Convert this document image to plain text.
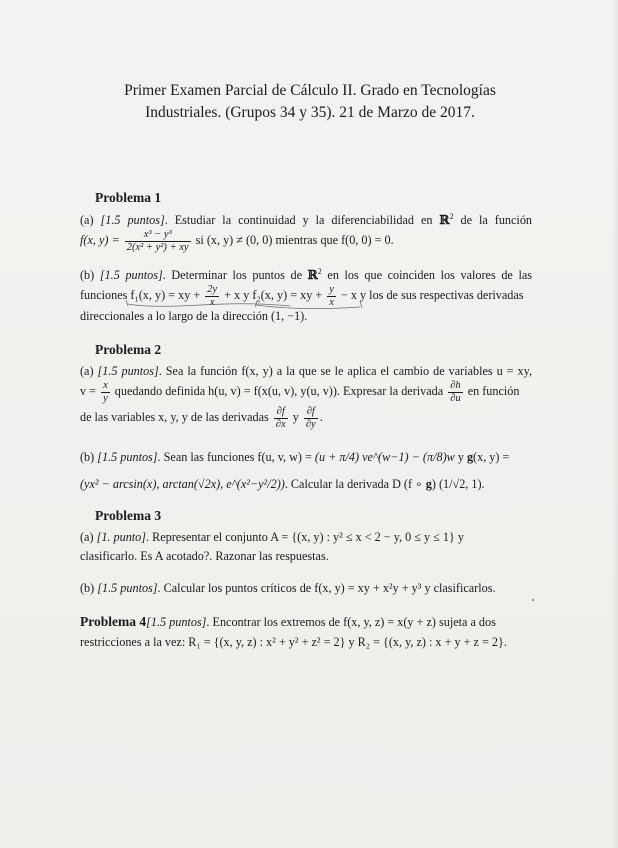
Primer Examen Parcial de Cálculo II. Grado en Tecnologías
Industriales. (Grupos 34 y 35). 21 de Marzo de 2017.
Problema 1
(a) [1.5 puntos]. Estudiar la continuidad y la diferenciabilidad en ℝ$^2$ de la función
f(x, $y) = \frac{\text{x³ − y³}}{\text{2(x² + y²) + xy}}$ si (x, y) ≠ (0, 0) mientras que f(0, 0) = 0.
(b) [1.5 puntos]. Determinar los puntos de ℝ$^2$ en los que coinciden los valores de las
funciones f₁(x, y) = xy + $\frac{2y}{x} + x$ y f₂(x, y) = xy + $\frac{y}{x} - x$ y los de sus respectivas derivadas
direccionales a lo largo de la dirección (1, −1).
Problema 2
(a) [1.5 puntos]. Sea la función f(x, y) a la que se le aplica el cambio de variables u = xy,
$v = \frac{x}{y}$ quedando definida h(u, v) = f(x(u, v), y(u, v)). Expresar la derivada $\frac{\partial h}{\partial u}$ en función
de las variables x, y, y de las derivadas $\frac{\partial f}{\partial x}$ y $\frac{\partial f}{\partial y}$ .
(b) [1.5 puntos]. Sean las funciones f(u, v, w) = (u + π/4) ve^(w−1) − (π/8)w y g(x, y) =
(yx² − arcsin(x), arctan(√2x), e^(x²−y²/2)). Calcular la derivada D (f ∘ g) (1/√2, 1).
Problema 3
(a) [1. punto]. Representar el conjunto A = {(x, y) : y² ≤ x < 2 − y, 0 ≤ y ≤ 1} y
clasificarlo. Es A acotado?. Razonar las respuestas.
(b) [1.5 puntos]. Calcular los puntos críticos de f(x, y) = xy + x²y + y³ y clasificarlos.
Problema 4[1.5 puntos]. Encontrar los extremos de f(x, y, z) = x(y + z) sujeta a dos
restricciones a la vez: R₁ = {(x, y, z) : x² + y² + z² = 2} y R₂ = {(x, y, z) : x + y + z = 2}.
